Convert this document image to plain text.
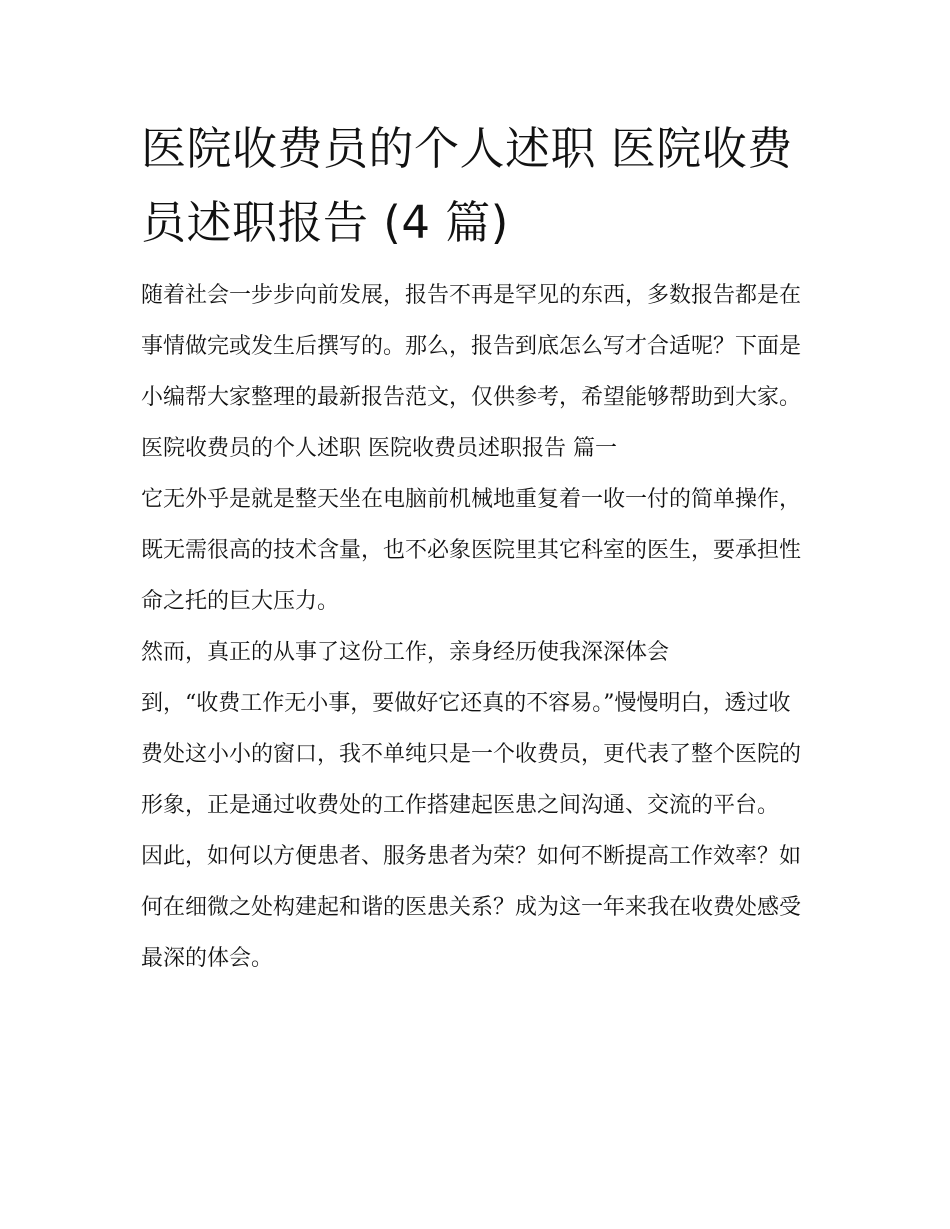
医院收费员的个人述职 医院收费员述职报告 (4 篇)

随着社会一步步向前发展，报告不再是罕见的东西，多数报告都是在事情做完或发生后撰写的。那么，报告到底怎么写才合适呢？下面是小编帮大家整理的最新报告范文，仅供参考，希望能够帮助到大家。

医院收费员的个人述职 医院收费员述职报告 篇一

它无外乎是就是整天坐在电脑前机械地重复着一收一付的简单操作，既无需很高的技术含量，也不必象医院里其它科室的医生，要承担性命之托的巨大压力。

然而，真正的从事了这份工作，亲身经历使我深深体会

到，“收费工作无小事，要做好它还真的不容易。”慢慢明白，透过收费处这小小的窗口，我不单纯只是一个收费员，更代表了整个医院的形象，正是通过收费处的工作搭建起医患之间沟通、交流的平台。

因此，如何以方便患者、服务患者为荣？如何不断提高工作效率？如何在细微之处构建起和谐的医患关系？成为这一年来我在收费处感受最深的体会。
